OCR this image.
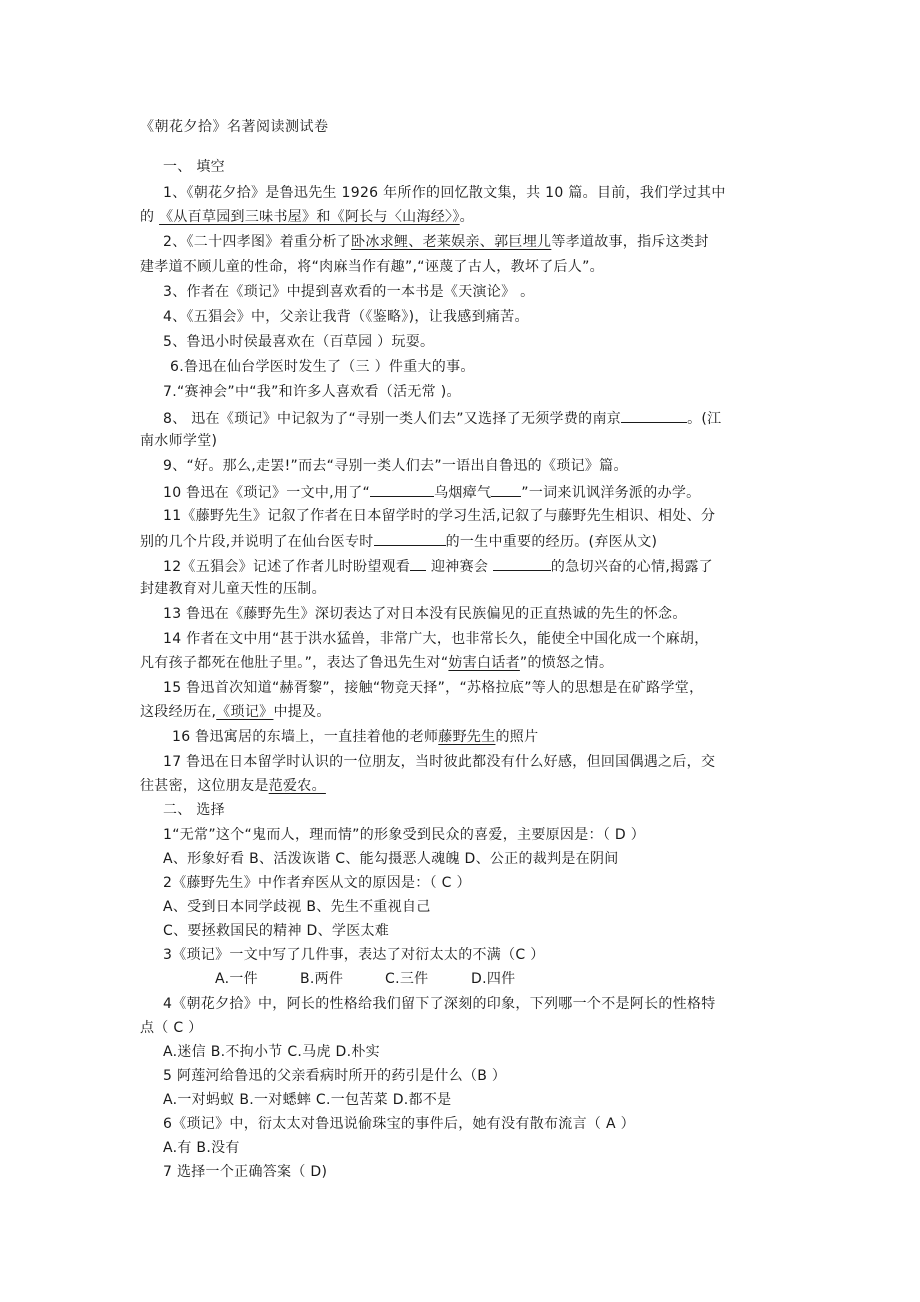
《朝花夕拾》名著阅读测试卷
一、 填空
1、《朝花夕拾》是鲁迅先生 1926 年所作的回忆散文集，共 10 篇。目前，我们学过其中
的 《从百草园到三味书屋》和《阿长与〈山海经〉》。
2、《二十四孝图》着重分析了卧冰求鲤、老莱娱亲、郭巨埋儿等孝道故事，指斥这类封
建孝道不顾儿童的性命，将“肉麻当作有趣”,“诬蔑了古人，教坏了后人”。
3、作者在《琐记》中提到喜欢看的一本书是《天演论》 。
4、《五猖会》中，父亲让我背（《鉴略》)，让我感到痛苦。
5、鲁迅小时侯最喜欢在（百草园 ）玩耍。
6.鲁迅在仙台学医时发生了（三 ）件重大的事。
7.“赛神会”中“我”和许多人喜欢看（活无常 )。
8、 迅在《琐记》中记叙为了“寻别一类人们去”又选择了无须学费的南京	。(江
南水师学堂)
9、“好。那么,走罢!”而去“寻别一类人们去”一语出自鲁迅的《琐记》篇。
10 鲁迅在《琐记》一文中,用了“	乌烟瘴气 ”一词来讥讽洋务派的办学。
11《藤野先生》记叙了作者在日本留学时的学习生活,记叙了与藤野先生相识、相处、分
别的几个片段,并说明了在仙台医专时	的一生中重要的经历。(弃医从文)
12《五猖会》记述了作者儿时盼望观看 迎神赛会	的急切兴奋的心情,揭露了
封建教育对儿童天性的压制。
13 鲁迅在《藤野先生》深切表达了对日本没有民族偏见的正直热诚的先生的怀念。
14 作者在文中用“甚于洪水猛兽，非常广大，也非常长久，能使全中国化成一个麻胡，
凡有孩子都死在他肚子里。”，表达了鲁迅先生对“妨害白话者”的愤怒之情。
15 鲁迅首次知道“赫胥黎”，接触“物竞天择”，“苏格拉底”等人的思想是在矿路学堂，
这段经历在,《琐记》中提及。
16 鲁迅寓居的东墙上，一直挂着他的老师藤野先生的照片
17 鲁迅在日本留学时认识的一位朋友，当时彼此都没有什么好感，但回国偶遇之后，交
往甚密，这位朋友是范爱农。
二、 选择
1“无常”这个“鬼而人，理而情”的形象受到民众的喜爱，主要原因是：（ D ）
A、形象好看 B、活泼诙谐 C、能勾摄恶人魂魄 D、公正的裁判是在阴间
2《藤野先生》中作者弃医从文的原因是：（ C ）
A、受到日本同学歧视 B、先生不重视自己
C、要拯救国民的精神 D、学医太难
3《琐记》一文中写了几件事，表达了对衍太太的不满（C ）
A.一件	B.两件	C.三件	D.四件
4《朝花夕拾》中，阿长的性格给我们留下了深刻的印象，下列哪一个不是阿长的性格特
点（ C ）
A.迷信 B.不拘小节 C.马虎 D.朴实
5 阿莲河给鲁迅的父亲看病时所开的药引是什么（B ）
A.一对蚂蚁 B.一对蟋蟀 C.一包苦菜 D.都不是
6《琐记》中，衍太太对鲁迅说偷珠宝的事件后，她有没有散布流言（ A ）
A.有 B.没有
7 选择一个正确答案（ D)
